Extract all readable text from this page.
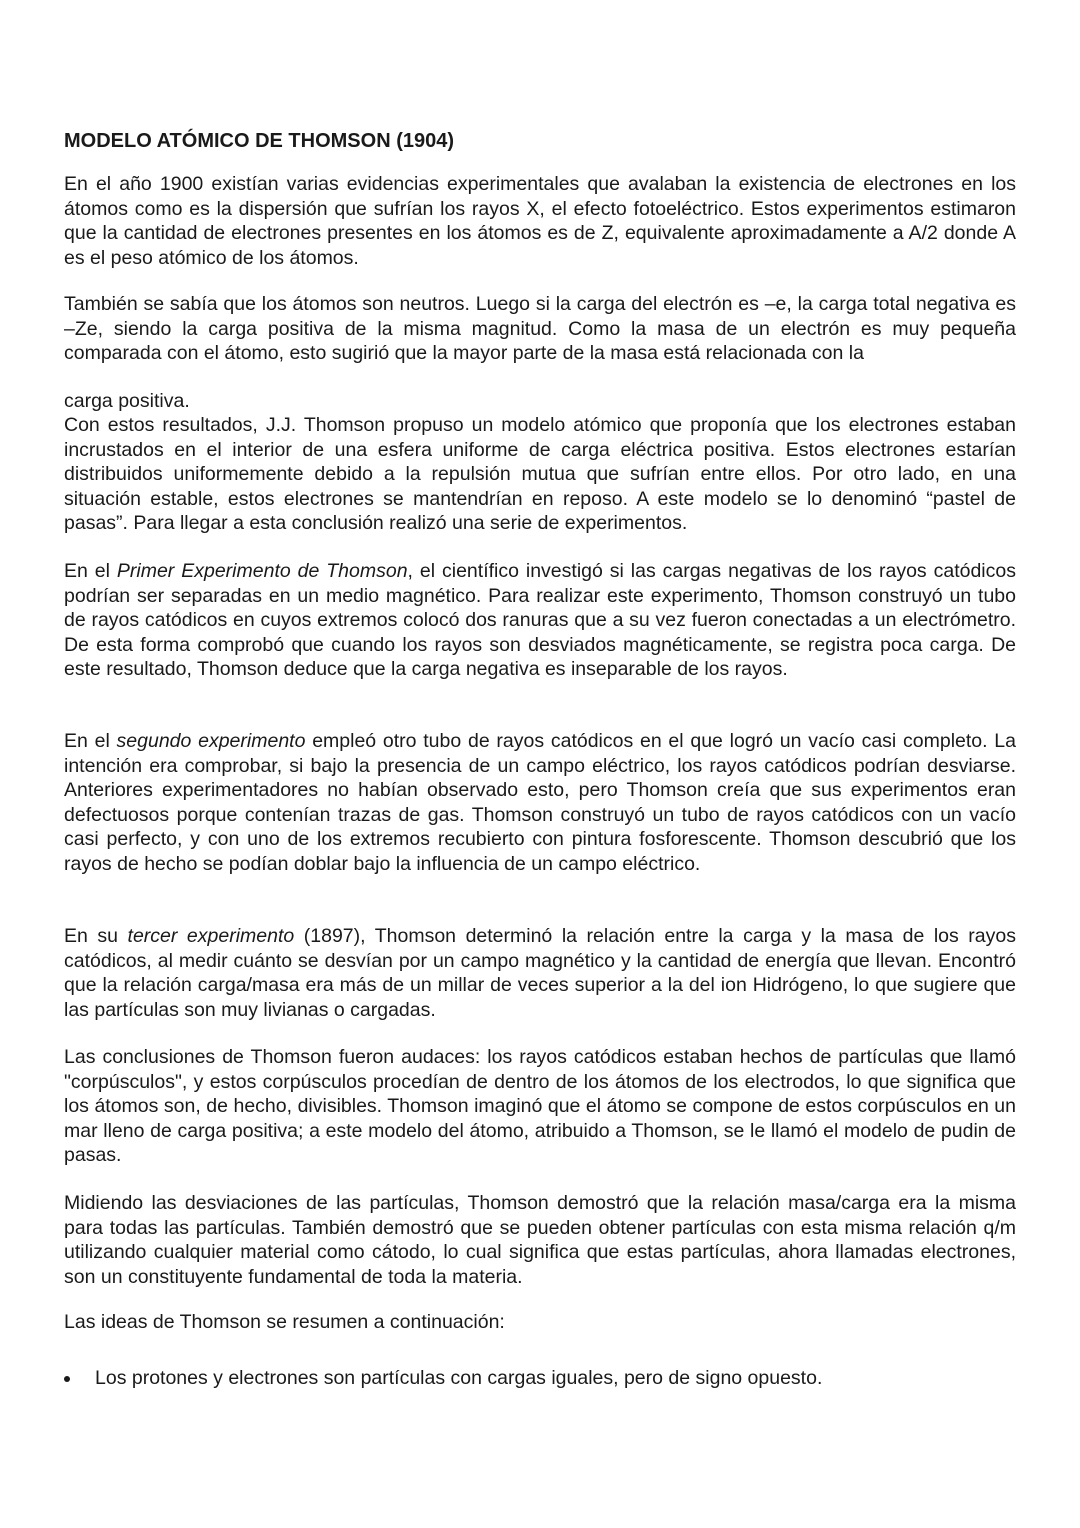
MODELO ATÓMICO DE THOMSON (1904)

En el año 1900 existían varias evidencias experimentales que avalaban la existencia de electrones en los átomos como es la dispersión que sufrían los rayos X, el efecto fotoeléctrico. Estos experimentos estimaron que la cantidad de electrones presentes en los átomos es de Z, equivalente aproximadamente a A/2 donde A es el peso atómico de los átomos.

También se sabía que los átomos son neutros. Luego si la carga del electrón es –e, la carga total negativa es –Ze, siendo la carga positiva de la misma magnitud. Como la masa de un electrón es muy pequeña comparada con el átomo, esto sugirió que la mayor parte de la masa está relacionada con la

carga positiva.

Con estos resultados, J.J. Thomson propuso un modelo atómico que proponía que los electrones estaban incrustados en el interior de una esfera uniforme de carga eléctrica positiva. Estos electrones estarían distribuidos uniformemente debido a la repulsión mutua que sufrían entre ellos. Por otro lado, en una situación estable, estos electrones se mantendrían en reposo. A este modelo se lo denominó “pastel de pasas”. Para llegar a esta conclusión realizó una serie de experimentos.

En el Primer Experimento de Thomson, el científico investigó si las cargas negativas de los rayos catódicos podrían ser separadas en un medio magnético. Para realizar este experimento, Thomson construyó un tubo de rayos catódicos en cuyos extremos colocó dos ranuras que a su vez fueron conectadas a un electrómetro. De esta forma comprobó que cuando los rayos son desviados magnéticamente, se registra poca carga. De este resultado, Thomson deduce que la carga negativa es inseparable de los rayos.

En el segundo experimento empleó otro tubo de rayos catódicos en el que logró un vacío casi completo. La intención era comprobar, si bajo la presencia de un campo eléctrico, los rayos catódicos podrían desviarse. Anteriores experimentadores no habían observado esto, pero Thomson creía que sus experimentos eran defectuosos porque contenían trazas de gas. Thomson construyó un tubo de rayos catódicos con un vacío casi perfecto, y con uno de los extremos recubierto con pintura fosforescente. Thomson descubrió que los rayos de hecho se podían doblar bajo la influencia de un campo eléctrico.

En su tercer experimento (1897), Thomson determinó la relación entre la carga y la masa de los rayos catódicos, al medir cuánto se desvían por un campo magnético y la cantidad de energía que llevan. Encontró que la relación carga/masa era más de un millar de veces superior a la del ion Hidrógeno, lo que sugiere que las partículas son muy livianas o cargadas.

Las conclusiones de Thomson fueron audaces: los rayos catódicos estaban hechos de partículas que llamó "corpúsculos", y estos corpúsculos procedían de dentro de los átomos de los electrodos, lo que significa que los átomos son, de hecho, divisibles. Thomson imaginó que el átomo se compone de estos corpúsculos en un mar lleno de carga positiva; a este modelo del átomo, atribuido a Thomson, se le llamó el modelo de pudin de pasas.

Midiendo las desviaciones de las partículas, Thomson demostró que la relación masa/carga era la misma para todas las partículas. También demostró que se pueden obtener partículas con esta misma relación q/m utilizando cualquier material como cátodo, lo cual significa que estas partículas, ahora llamadas electrones, son un constituyente fundamental de toda la materia.

Las ideas de Thomson se resumen a continuación:

Los protones y electrones son partículas con cargas iguales, pero de signo opuesto.
